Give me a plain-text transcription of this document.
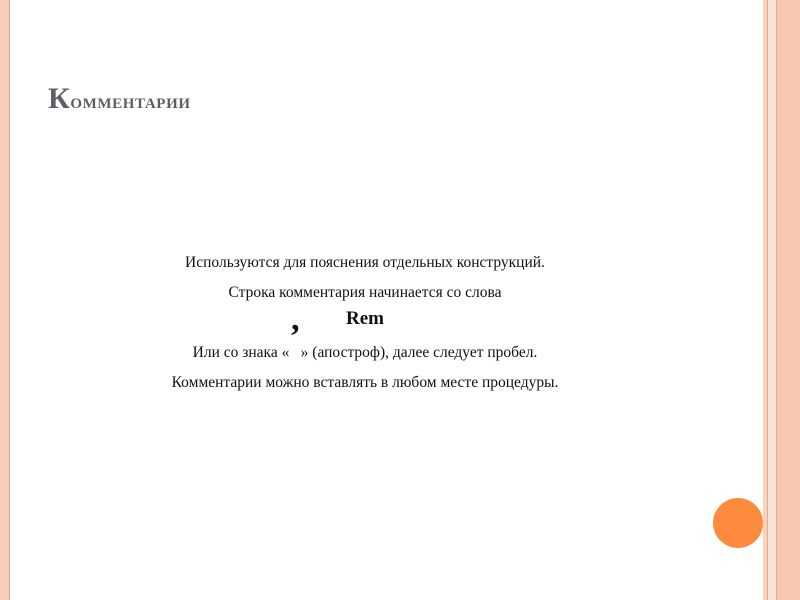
Комментарии
Используются для пояснения отдельных конструкций.
Строка комментария начинается со слова
Rem
Или со знака «’» (апостроф), далее следует пробел.
Комментарии можно вставлять в любом месте процедуры.
